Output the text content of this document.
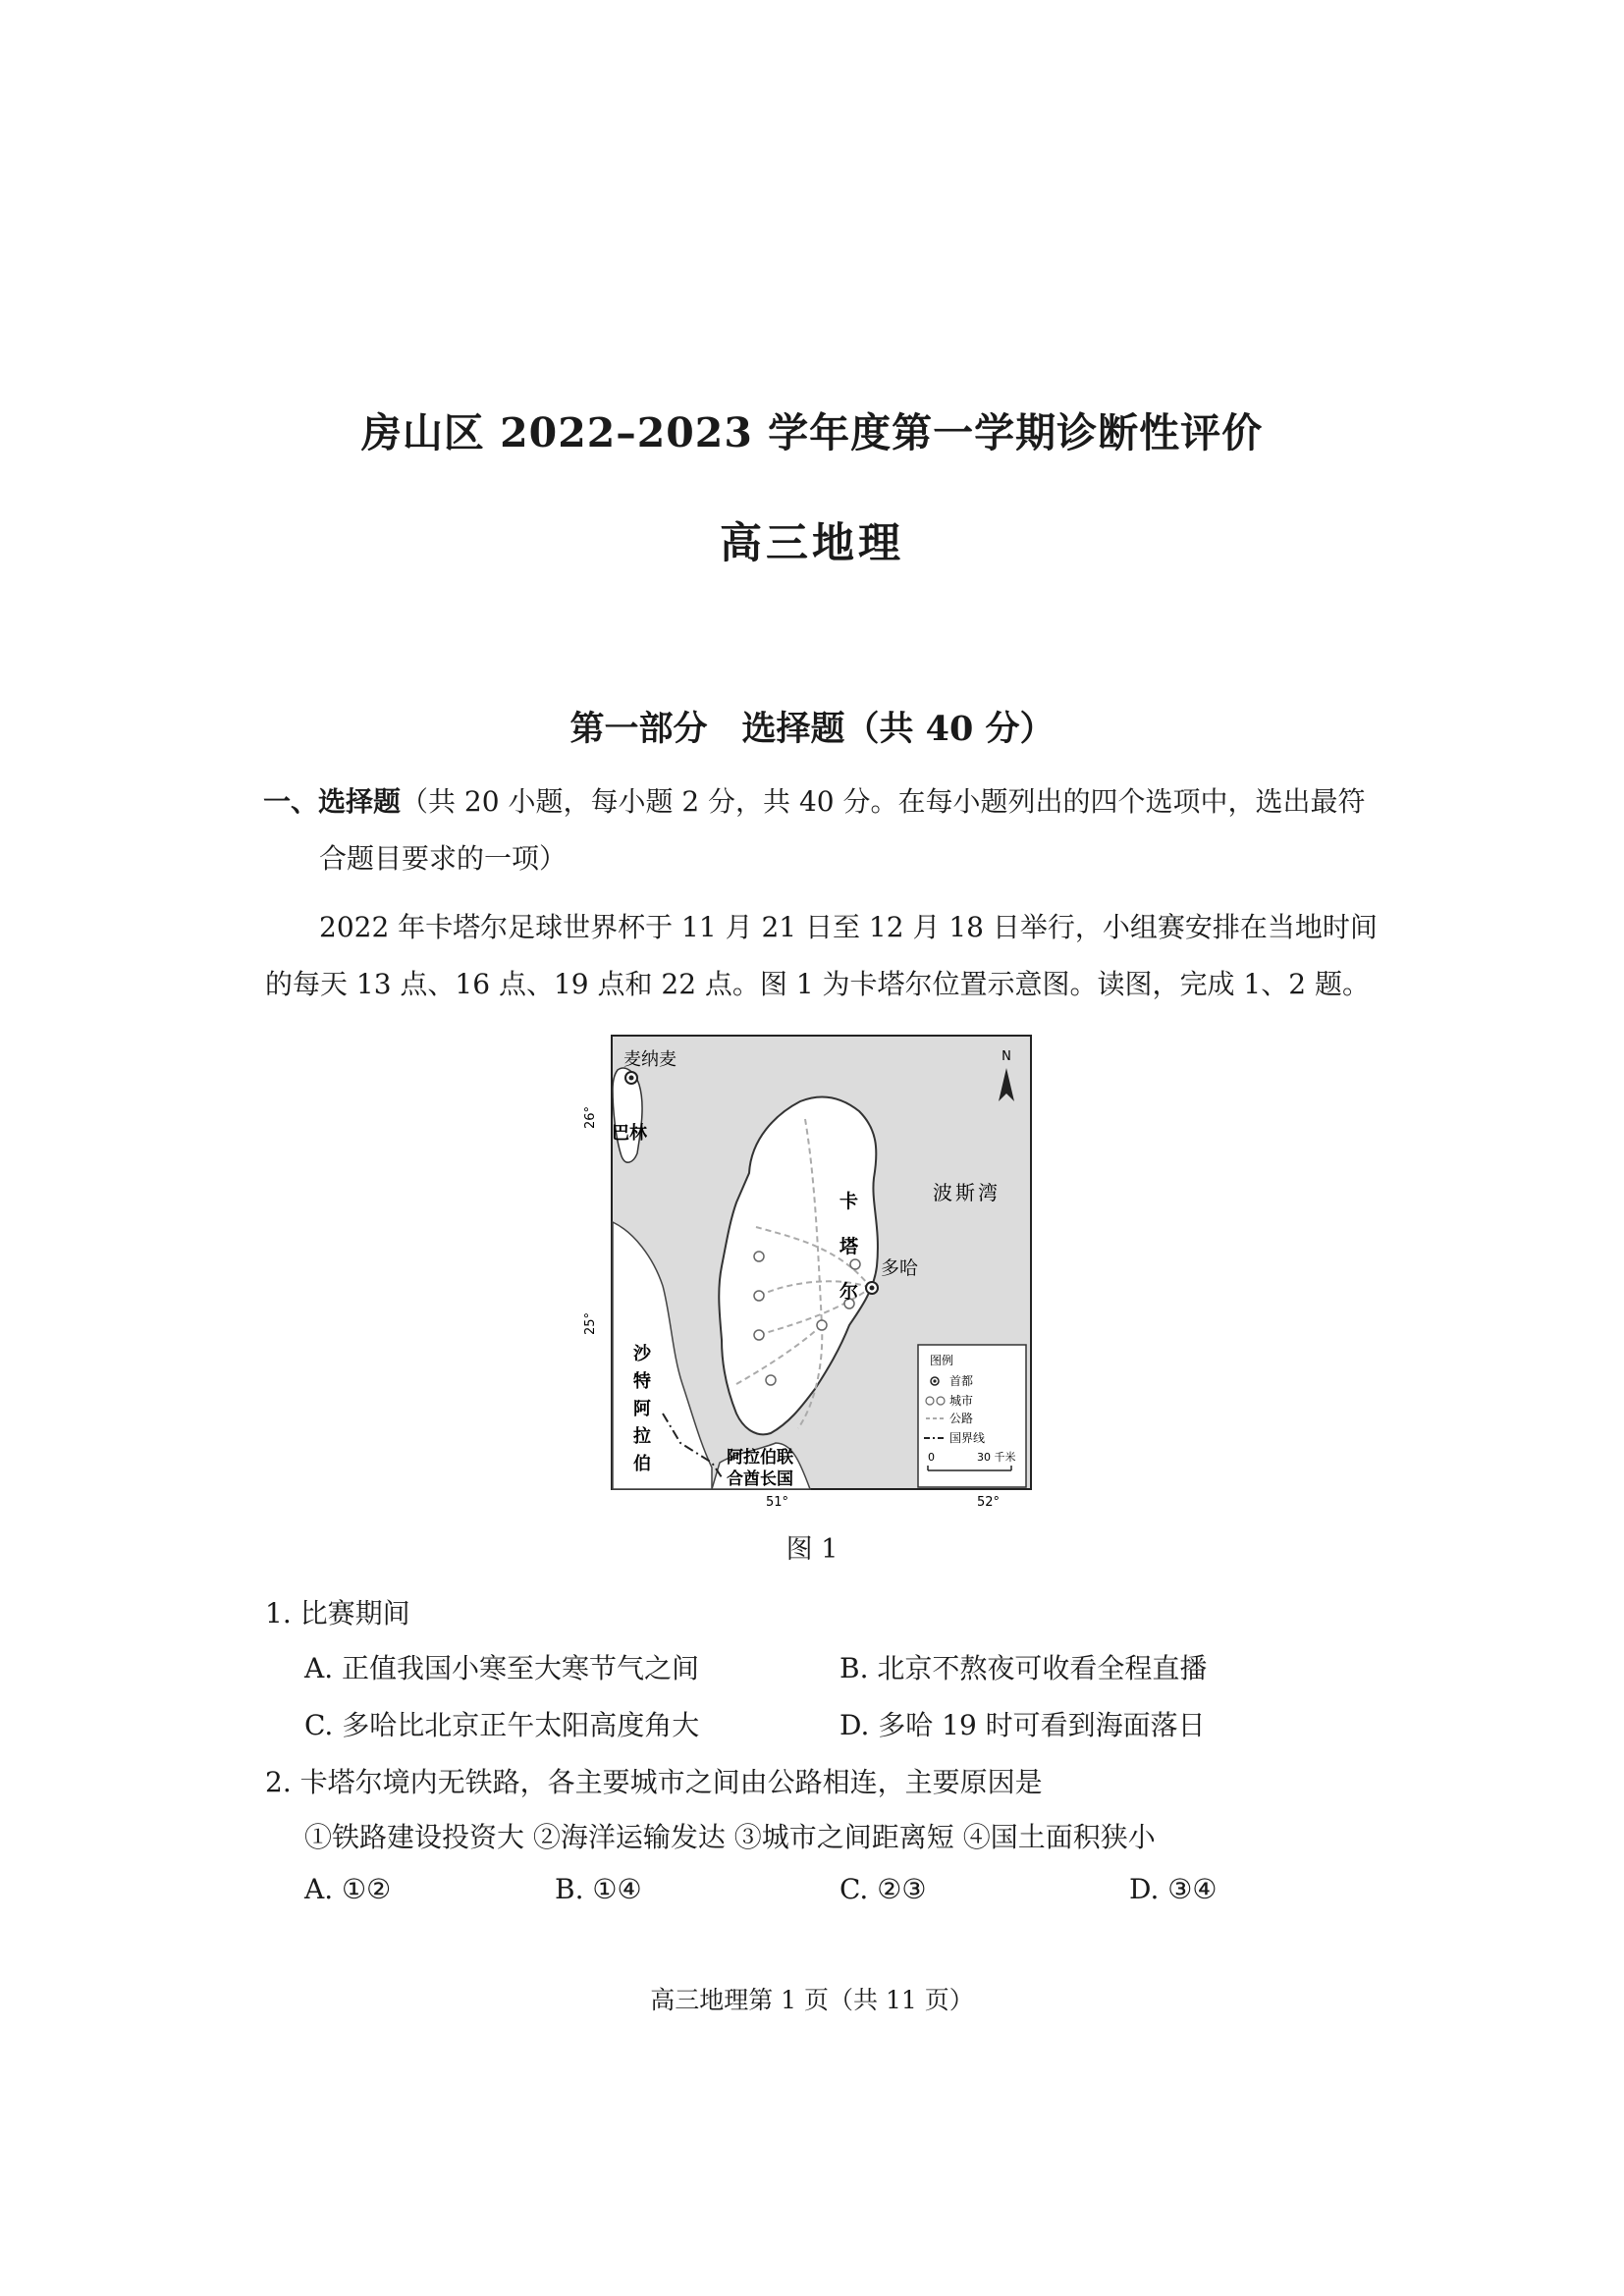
房山区 2022–2023 学年度第一学期诊断性评价
高三地理
第一部分　选择题（共 40 分）
一、选择题（共 20 小题，每小题 2 分，共 40 分。在每小题列出的四个选项中，选出最符
合题目要求的一项）
2022 年卡塔尔足球世界杯于 11 月 21 日至 12 月 18 日举行，小组赛安排在当地时间
的每天 13 点、16 点、19 点和 22 点。图 1 为卡塔尔位置示意图。读图，完成 1、2 题。
N
麦纳麦
巴林
卡
塔
尔
波斯湾
多哈
沙
特
阿
拉
伯	阿拉伯联
合酋长国
26°
25°
51°	52°
图例
首都
城市
公路
国界线
0	30 千米
图 1
1. 比赛期间
A. 正值我国小寒至大寒节气之间	B. 北京不熬夜可收看全程直播
C. 多哈比北京正午太阳高度角大	D. 多哈 19 时可看到海面落日
2. 卡塔尔境内无铁路，各主要城市之间由公路相连，主要原因是
①铁路建设投资大 ②海洋运输发达 ③城市之间距离短 ④国土面积狭小
A. ①②	B. ①④	C. ②③	D. ③④
高三地理第 1 页（共 11 页）
